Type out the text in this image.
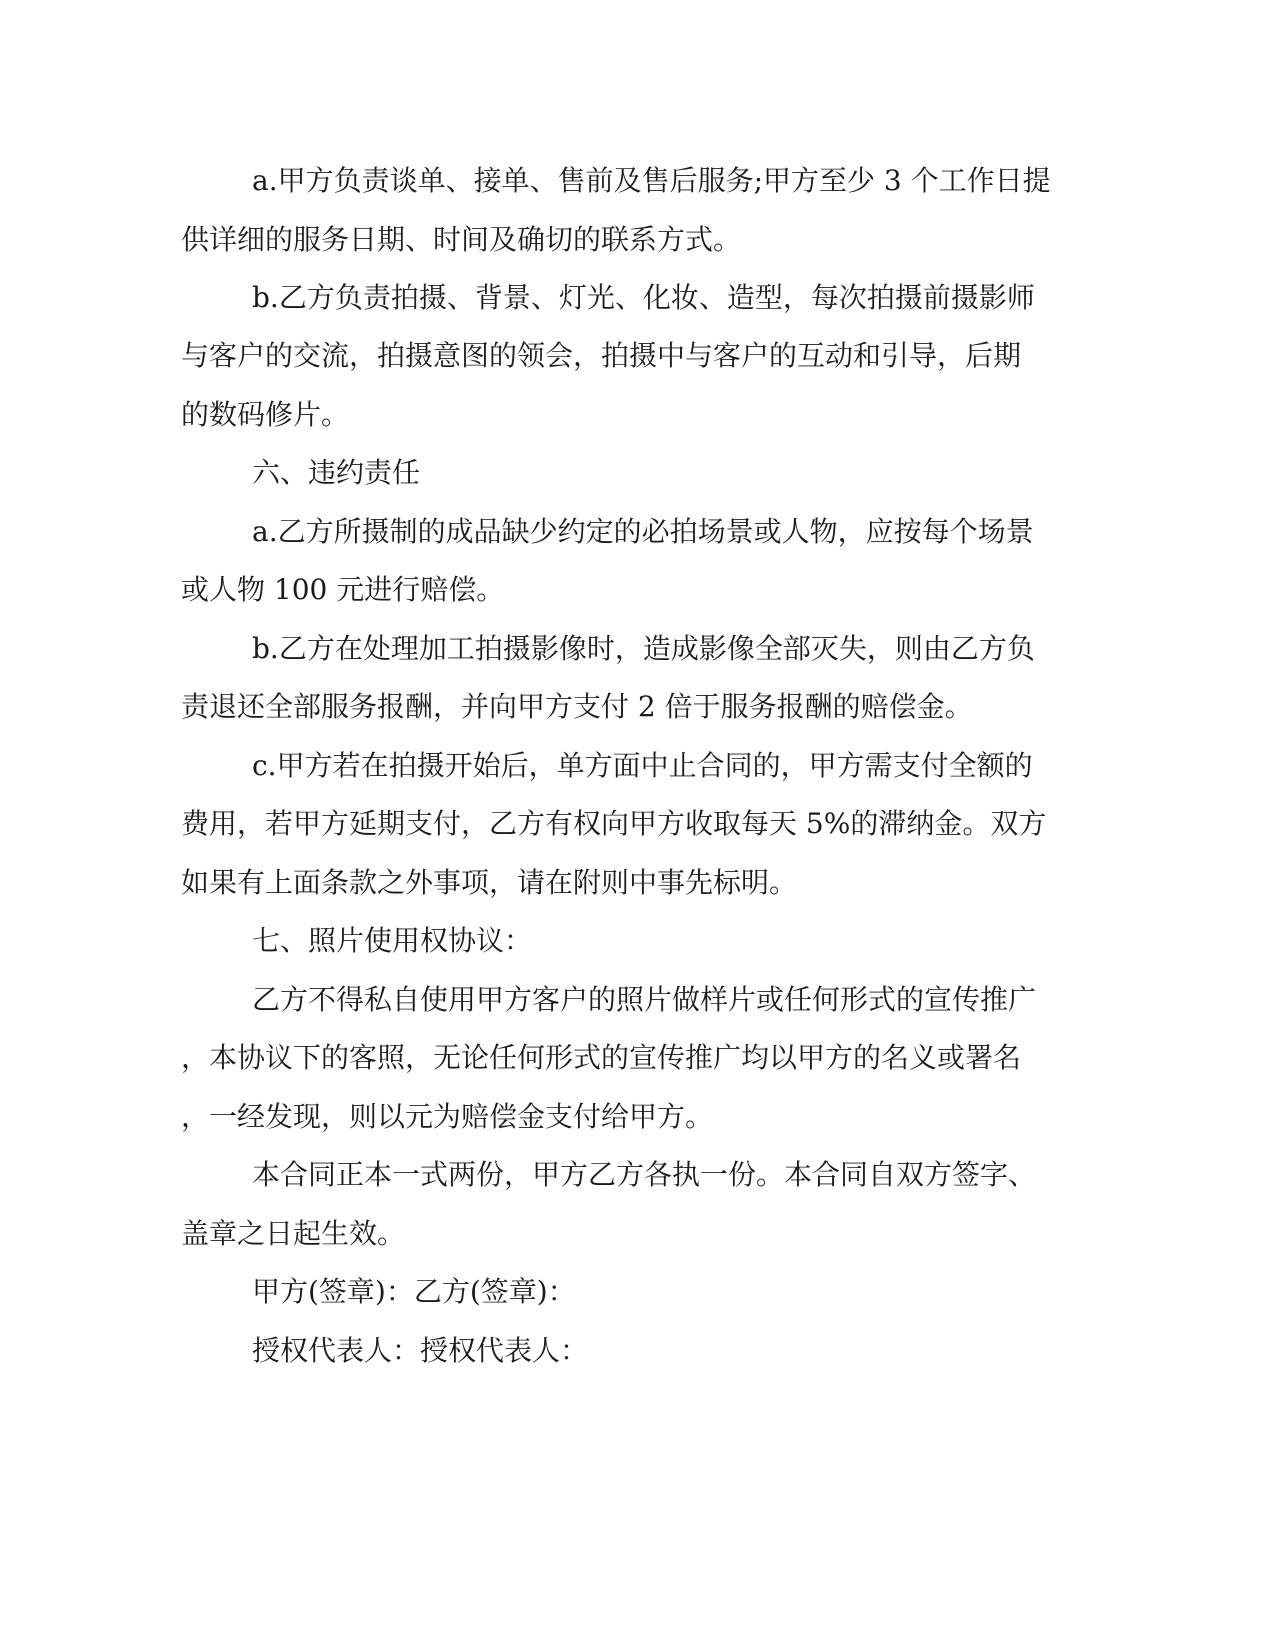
a.甲方负责谈单、接单、售前及售后服务;甲方至少 3 个工作日提
供详细的服务日期、时间及确切的联系方式。
b.乙方负责拍摄、背景、灯光、化妆、造型，每次拍摄前摄影师
与客户的交流，拍摄意图的领会，拍摄中与客户的互动和引导，后期
的数码修片。
六、违约责任
a.乙方所摄制的成品缺少约定的必拍场景或人物，应按每个场景
或人物 100 元进行赔偿。
b.乙方在处理加工拍摄影像时，造成影像全部灭失，则由乙方负
责退还全部服务报酬，并向甲方支付 2 倍于服务报酬的赔偿金。
c.甲方若在拍摄开始后，单方面中止合同的，甲方需支付全额的
费用，若甲方延期支付，乙方有权向甲方收取每天 5%的滞纳金。双方
如果有上面条款之外事项，请在附则中事先标明。
七、照片使用权协议：
乙方不得私自使用甲方客户的照片做样片或任何形式的宣传推广
，本协议下的客照，无论任何形式的宣传推广均以甲方的名义或署名
，一经发现，则以元为赔偿金支付给甲方。
本合同正本一式两份，甲方乙方各执一份。本合同自双方签字、
盖章之日起生效。
甲方(签章)：乙方(签章)：
授权代表人：授权代表人：
